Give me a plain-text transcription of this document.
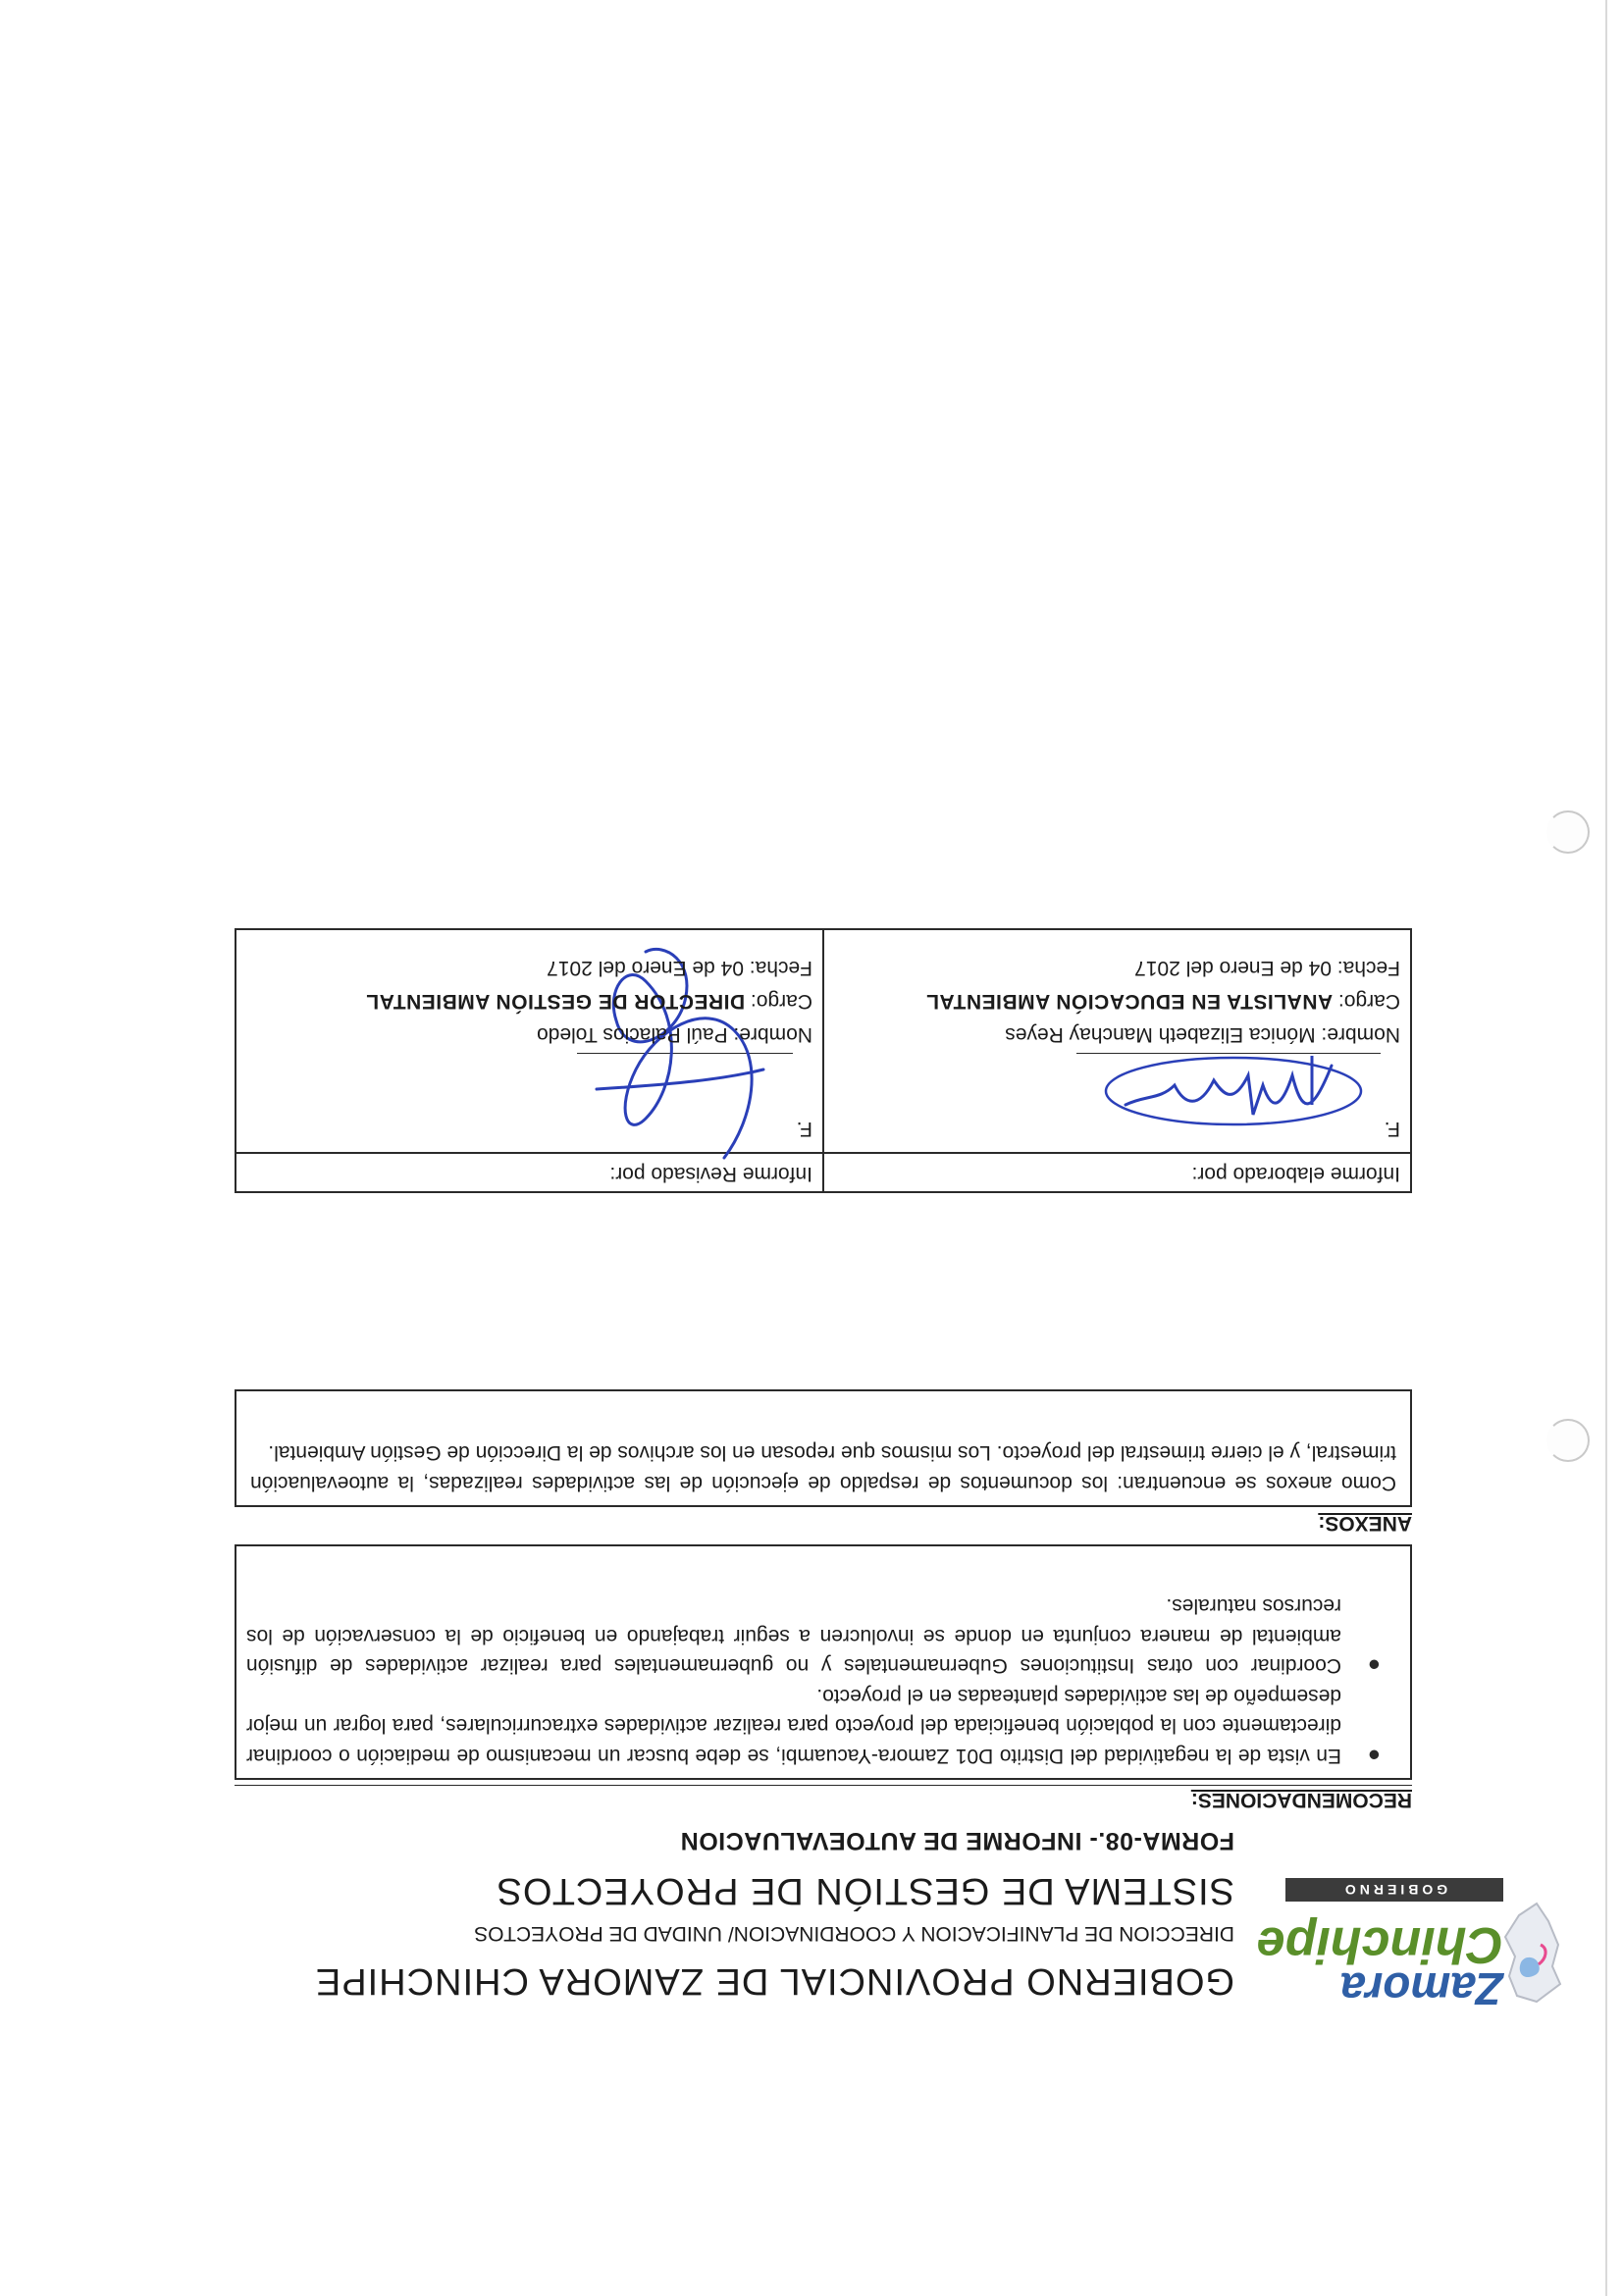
Zamora
Chinchipe
GOBIERNO PROVINCIAL
GOBIERNO PROVINCIAL DE ZAMORA CHINCHIPE
DIRECCION DE PLANIFICACION Y COORDINACION/ UNIDAD DE PROYECTOS
SISTEMA DE GESTIÓN DE PROYECTOS
FORMA-08.- INFORME DE AUTOEVALUACION
RECOMENDACIONES:
●
En vista de la negatividad del Distrito D01 Zamora-Yacuambi, se debe buscar un mecanismo de mediación o coordinar directamente con la población beneficiada del proyecto para realizar actividades extracurriculares, para lograr un mejor desempeño de las actividades planteadas en el proyecto.
●
Coordinar con otras Instituciones Gubernamentales y no gubernamentales para realizar actividades de difusión ambiental de manera conjunta en donde se involucren a seguir trabajando en beneficio de la conservación de los recursos naturales.
ANEXOS:

Como anexos se encuentran: los documentos de respaldo de ejecución de las actividades realizadas, la autoevaluación trimestral, y el cierre trimestral del proyecto. Los mismos que reposan en los archivos de la Dirección de Gestión Ambiental.

Informe elaborado por:
F.
Nombre: Mónica Elizabeth Manchay Reyes
Cargo: ANALISTA EN EDUCACIÓN AMBIENTAL
Fecha: 04 de Enero del 2017
Informe Revisado por:
F.
Nombre: Paúl Palacios Toledo
Cargo: DIRECTOR DE GESTIÓN AMBIENTAL
Fecha: 04 de Enero del 2017
